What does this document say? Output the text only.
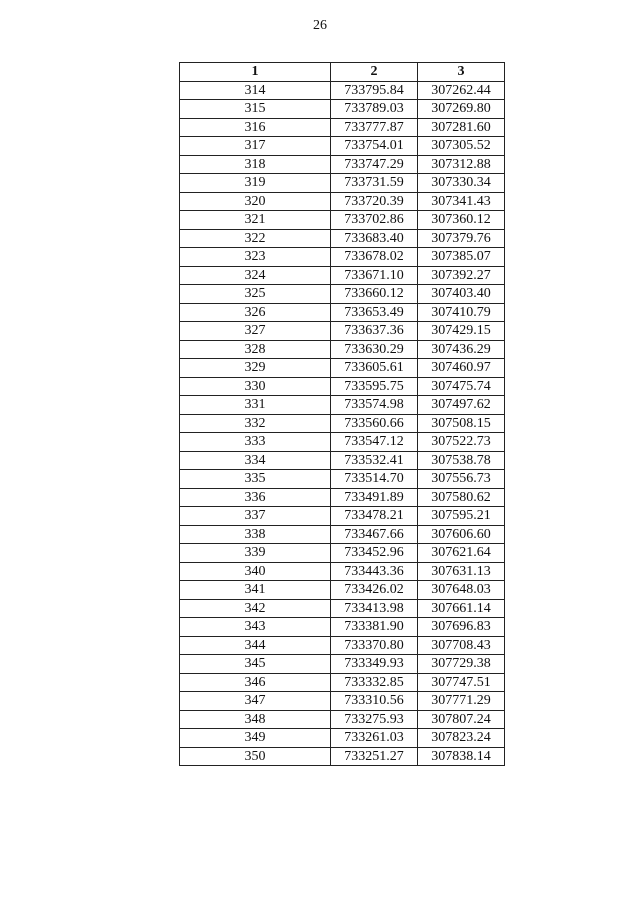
26
1	2	3
314	733795.84	307262.44
315	733789.03	307269.80
316	733777.87	307281.60
317	733754.01	307305.52
318	733747.29	307312.88
319	733731.59	307330.34
320	733720.39	307341.43
321	733702.86	307360.12
322	733683.40	307379.76
323	733678.02	307385.07
324	733671.10	307392.27
325	733660.12	307403.40
326	733653.49	307410.79
327	733637.36	307429.15
328	733630.29	307436.29
329	733605.61	307460.97
330	733595.75	307475.74
331	733574.98	307497.62
332	733560.66	307508.15
333	733547.12	307522.73
334	733532.41	307538.78
335	733514.70	307556.73
336	733491.89	307580.62
337	733478.21	307595.21
338	733467.66	307606.60
339	733452.96	307621.64
340	733443.36	307631.13
341	733426.02	307648.03
342	733413.98	307661.14
343	733381.90	307696.83
344	733370.80	307708.43
345	733349.93	307729.38
346	733332.85	307747.51
347	733310.56	307771.29
348	733275.93	307807.24
349	733261.03	307823.24
350	733251.27	307838.14
